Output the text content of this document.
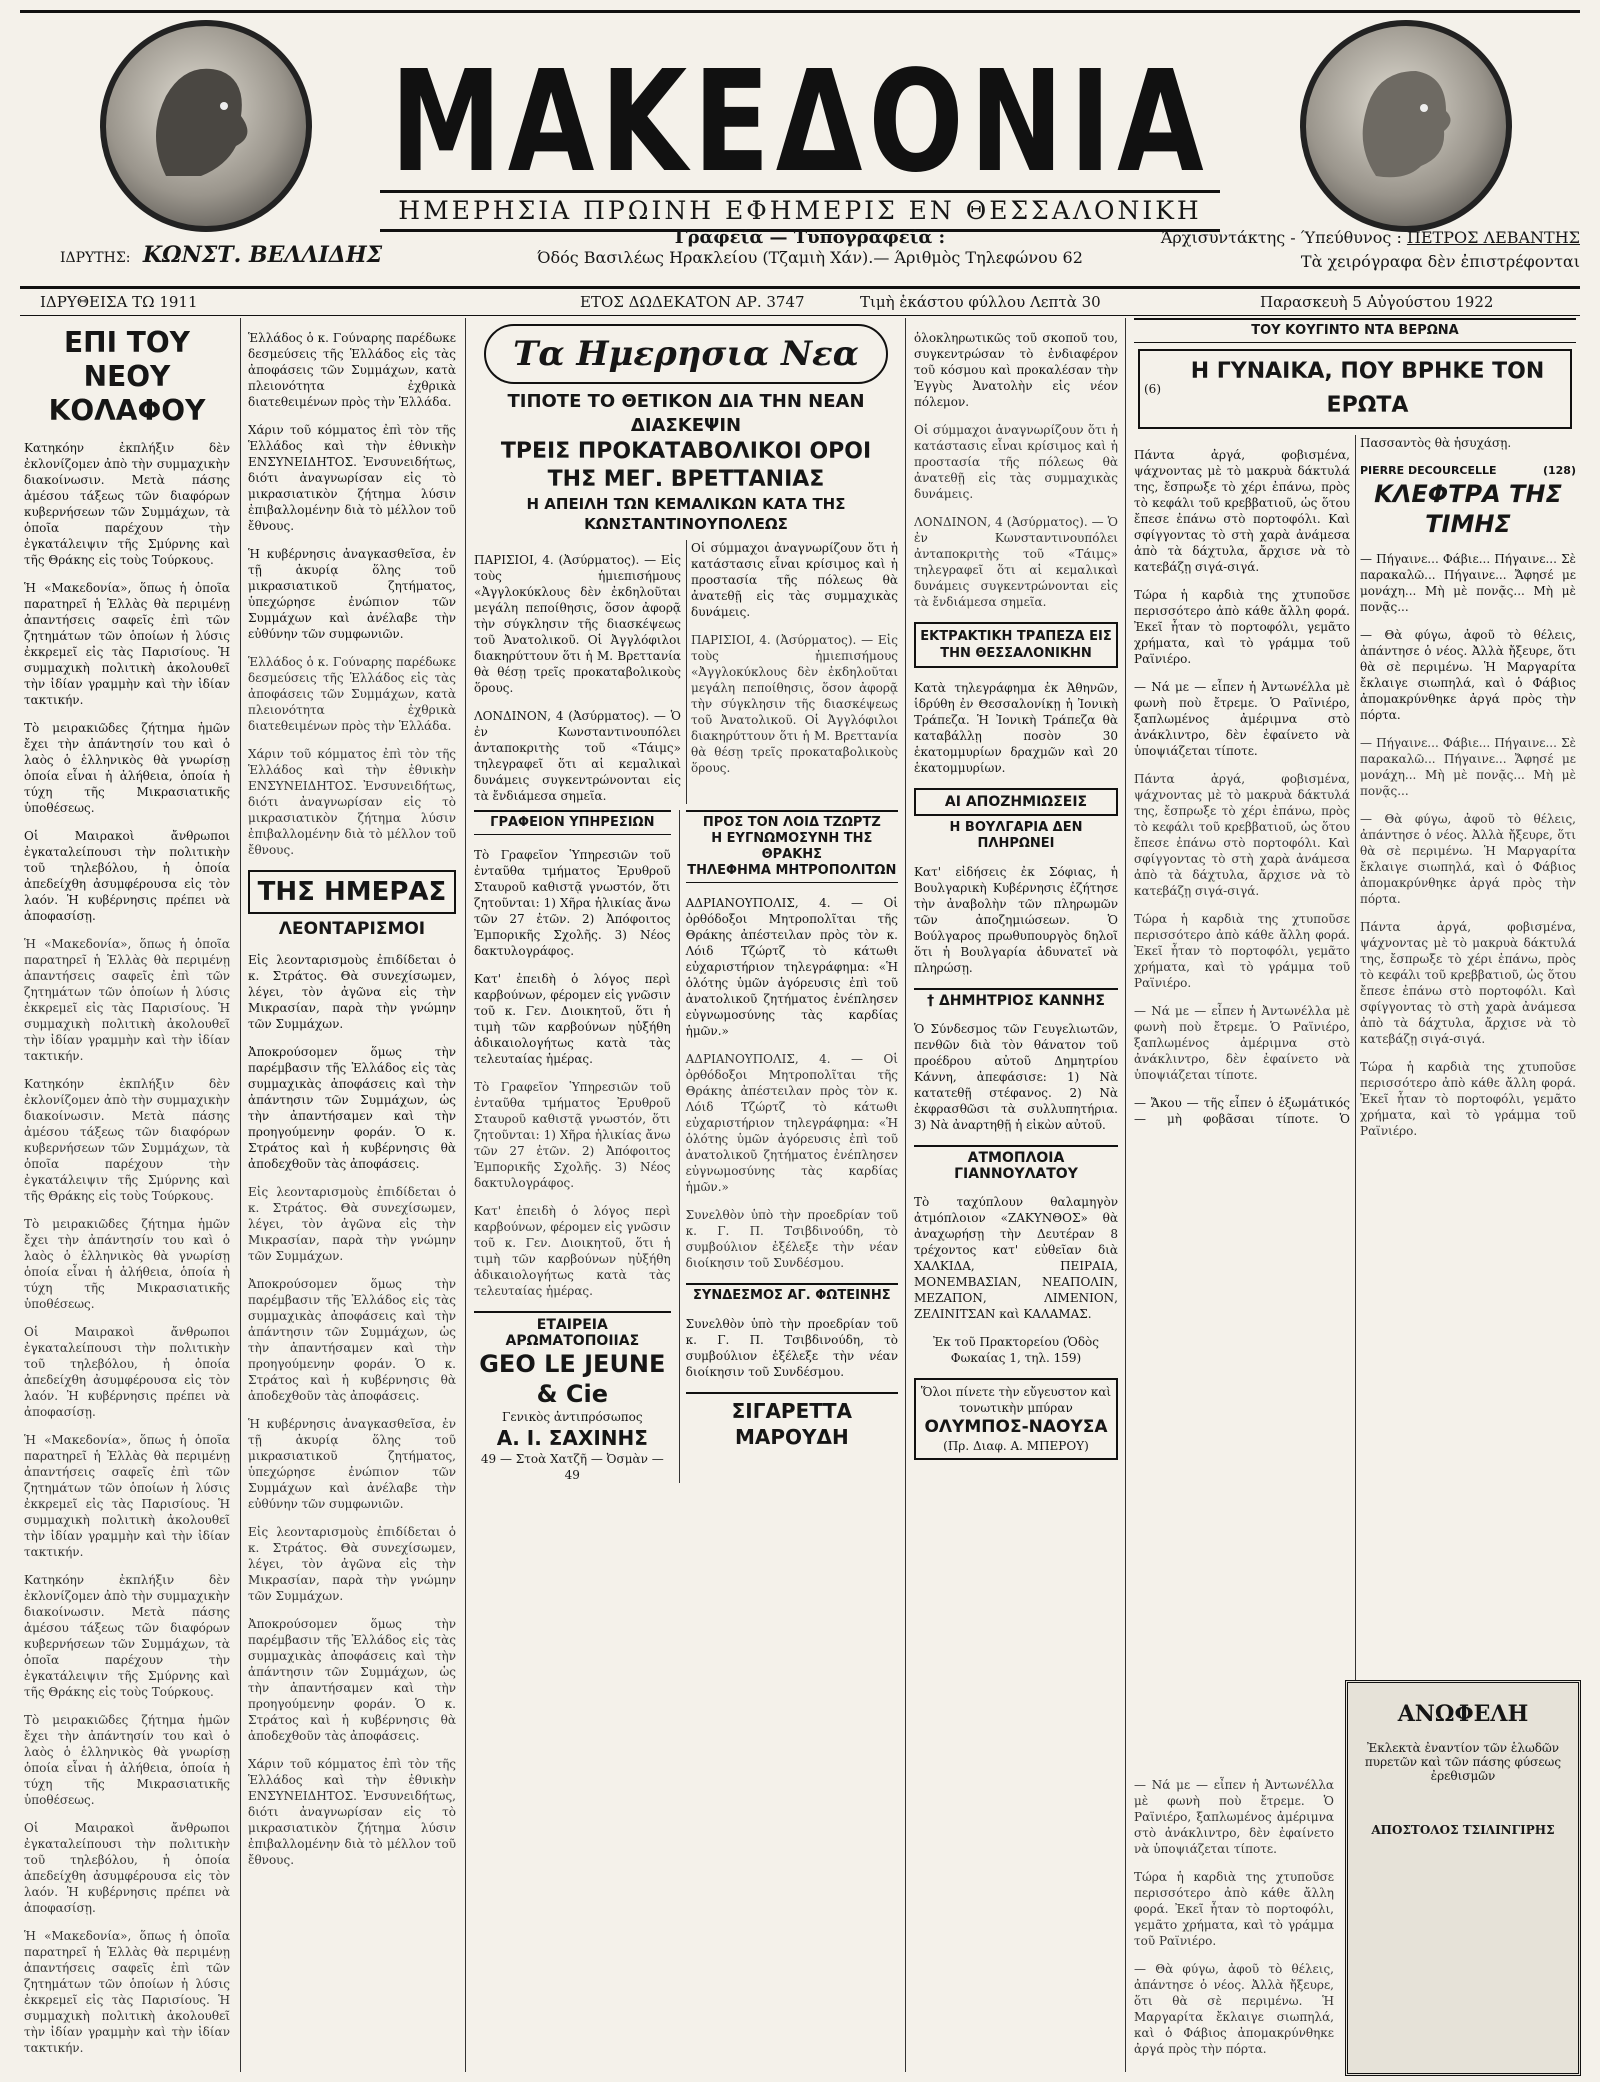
ΜΑΚΕΔΟΝΙΑ
ΗΜΕΡΗΣΙΑ ΠΡΩΙΝΗ ΕΦΗΜΕΡΙΣ ΕΝ ΘΕΣΣΑΛΟΝΙΚΗ
ΙΔΡΥΤΗΣ: ΚΩΝΣΤ. ΒΕΛΛΙΔΗΣ
Γραφεία — Τυπογραφεία :
Όδός Βασιλέως Ηρακλείου (Τζαμιὴ Χάν).— Άριθμὸς Τηλεφώνου 62
Άρχισυντάκτης - Ύπεύθυνος : ΠΕΤΡΟΣ ΛΕΒΑΝΤΗΣ
Τὰ χειρόγραφα δὲν ἐπιστρέφονται
ΙΔΡΥΘΕΙΣΑ ΤΩ 1911	ΕΤΟΣ ΔΩΔΕΚΑΤΟΝ ΑΡ. 3747	Τιμὴ ἑκάστου φύλλου Λεπτὰ 30	Παρασκευὴ 5 Αὐγούστου 1922
ΕΠΙ ΤΟΥ ΝΕΟΥ ΚΟΛΑΦΟΥ

Κατηκόην ἐκπλήξιν δὲν ἐκλονίζομεν ἀπὸ τὴν συμμαχικὴν διακοίνωσιν. Μετὰ πάσης ἀμέσου τάξεως τῶν διαφόρων κυβερνήσεων τῶν Συμμάχων, τὰ ὁποῖα παρέχουν τὴν ἐγκατάλειψιν τῆς Σμύρνης καὶ τῆς Θράκης εἰς τοὺς Τούρκους.

Ἡ «Μακεδονία», ὅπως ἡ ὁποῖα παρατηρεῖ ἡ Ἑλλὰς θὰ περιμένῃ ἀπαντήσεις σαφεῖς ἐπὶ τῶν ζητημάτων τῶν ὁποίων ἡ λύσις ἐκκρεμεῖ εἰς τὰς Παρισίους. Ἡ συμμαχικὴ πολιτικὴ ἀκολουθεῖ τὴν ἰδίαν γραμμὴν καὶ τὴν ἰδίαν τακτικήν.

Τὸ μειρακιῶδες ζήτημα ἡμῶν ἔχει τὴν ἀπάντησίν του καὶ ὁ λαὸς ὁ ἑλληνικὸς θὰ γνωρίσῃ ὁποία εἶναι ἡ ἀλήθεια, ὁποία ἡ τύχη τῆς Μικρασιατικῆς ὑποθέσεως.

Οἱ Μαιρακοὶ ἄνθρωποι ἐγκαταλείπουσι τὴν πολιτικὴν τοῦ τηλεβόλου, ἡ ὁποία ἀπεδείχθη ἀσυμφέρουσα εἰς τὸν λαόν. Ἡ κυβέρνησις πρέπει νὰ ἀποφασίσῃ.

Ἡ «Μακεδονία», ὅπως ἡ ὁποῖα παρατηρεῖ ἡ Ἑλλὰς θὰ περιμένῃ ἀπαντήσεις σαφεῖς ἐπὶ τῶν ζητημάτων τῶν ὁποίων ἡ λύσις ἐκκρεμεῖ εἰς τὰς Παρισίους. Ἡ συμμαχικὴ πολιτικὴ ἀκολουθεῖ τὴν ἰδίαν γραμμὴν καὶ τὴν ἰδίαν τακτικήν.

Κατηκόην ἐκπλήξιν δὲν ἐκλονίζομεν ἀπὸ τὴν συμμαχικὴν διακοίνωσιν. Μετὰ πάσης ἀμέσου τάξεως τῶν διαφόρων κυβερνήσεων τῶν Συμμάχων, τὰ ὁποῖα παρέχουν τὴν ἐγκατάλειψιν τῆς Σμύρνης καὶ τῆς Θράκης εἰς τοὺς Τούρκους.

Τὸ μειρακιῶδες ζήτημα ἡμῶν ἔχει τὴν ἀπάντησίν του καὶ ὁ λαὸς ὁ ἑλληνικὸς θὰ γνωρίσῃ ὁποία εἶναι ἡ ἀλήθεια, ὁποία ἡ τύχη τῆς Μικρασιατικῆς ὑποθέσεως.

Οἱ Μαιρακοὶ ἄνθρωποι ἐγκαταλείπουσι τὴν πολιτικὴν τοῦ τηλεβόλου, ἡ ὁποία ἀπεδείχθη ἀσυμφέρουσα εἰς τὸν λαόν. Ἡ κυβέρνησις πρέπει νὰ ἀποφασίσῃ.

Ἡ «Μακεδονία», ὅπως ἡ ὁποῖα παρατηρεῖ ἡ Ἑλλὰς θὰ περιμένῃ ἀπαντήσεις σαφεῖς ἐπὶ τῶν ζητημάτων τῶν ὁποίων ἡ λύσις ἐκκρεμεῖ εἰς τὰς Παρισίους. Ἡ συμμαχικὴ πολιτικὴ ἀκολουθεῖ τὴν ἰδίαν γραμμὴν καὶ τὴν ἰδίαν τακτικήν.

Κατηκόην ἐκπλήξιν δὲν ἐκλονίζομεν ἀπὸ τὴν συμμαχικὴν διακοίνωσιν. Μετὰ πάσης ἀμέσου τάξεως τῶν διαφόρων κυβερνήσεων τῶν Συμμάχων, τὰ ὁποῖα παρέχουν τὴν ἐγκατάλειψιν τῆς Σμύρνης καὶ τῆς Θράκης εἰς τοὺς Τούρκους.

Τὸ μειρακιῶδες ζήτημα ἡμῶν ἔχει τὴν ἀπάντησίν του καὶ ὁ λαὸς ὁ ἑλληνικὸς θὰ γνωρίσῃ ὁποία εἶναι ἡ ἀλήθεια, ὁποία ἡ τύχη τῆς Μικρασιατικῆς ὑποθέσεως.

Οἱ Μαιρακοὶ ἄνθρωποι ἐγκαταλείπουσι τὴν πολιτικὴν τοῦ τηλεβόλου, ἡ ὁποία ἀπεδείχθη ἀσυμφέρουσα εἰς τὸν λαόν. Ἡ κυβέρνησις πρέπει νὰ ἀποφασίσῃ.

Ἡ «Μακεδονία», ὅπως ἡ ὁποῖα παρατηρεῖ ἡ Ἑλλὰς θὰ περιμένῃ ἀπαντήσεις σαφεῖς ἐπὶ τῶν ζητημάτων τῶν ὁποίων ἡ λύσις ἐκκρεμεῖ εἰς τὰς Παρισίους. Ἡ συμμαχικὴ πολιτικὴ ἀκολουθεῖ τὴν ἰδίαν γραμμὴν καὶ τὴν ἰδίαν τακτικήν.

Ἑλλάδος ὁ κ. Γούναρης παρέδωκε δεσμεύσεις τῆς Ἑλλάδος εἰς τὰς ἀποφάσεις τῶν Συμμάχων, κατὰ πλειονότητα ἐχθρικὰ διατεθειμένων πρὸς τὴν Ἑλλάδα.

Χάριν τοῦ κόμματος ἐπὶ τὸν τῆς Ἑλλάδος καὶ τὴν ἐθνικὴν ΕΝΣΥΝΕΙΔΗΤΟΣ. Ἐνσυνειδήτως, διότι ἀναγνωρίσαν εἰς τὸ μικρασιατικὸν ζήτημα λύσιν ἐπιβαλλομένην διὰ τὸ μέλλον τοῦ ἔθνους.

Ἡ κυβέρνησις ἀναγκασθεῖσα, ἐν τῇ ἀκυρίᾳ ὅλης τοῦ μικρασιατικοῦ ζητήματος, ὑπεχώρησε ἐνώπιον τῶν Συμμάχων καὶ ἀνέλαβε τὴν εὐθύνην τῶν συμφωνιῶν.

Ἑλλάδος ὁ κ. Γούναρης παρέδωκε δεσμεύσεις τῆς Ἑλλάδος εἰς τὰς ἀποφάσεις τῶν Συμμάχων, κατὰ πλειονότητα ἐχθρικὰ διατεθειμένων πρὸς τὴν Ἑλλάδα.

Χάριν τοῦ κόμματος ἐπὶ τὸν τῆς Ἑλλάδος καὶ τὴν ἐθνικὴν ΕΝΣΥΝΕΙΔΗΤΟΣ. Ἐνσυνειδήτως, διότι ἀναγνωρίσαν εἰς τὸ μικρασιατικὸν ζήτημα λύσιν ἐπιβαλλομένην διὰ τὸ μέλλον τοῦ ἔθνους.

ΤΗΣ ΗΜΕΡΑΣ
ΛΕΟΝΤΑΡΙΣΜΟΙ

Εἰς λεονταρισμοὺς ἐπιδίδεται ὁ κ. Στράτος. Θὰ συνεχίσωμεν, λέγει, τὸν ἀγῶνα εἰς τὴν Μικρασίαν, παρὰ τὴν γνώμην τῶν Συμμάχων.

Ἀποκρούσομεν ὅμως τὴν παρέμβασιν τῆς Ἑλλάδος εἰς τὰς συμμαχικὰς ἀποφάσεις καὶ τὴν ἀπάντησιν τῶν Συμμάχων, ὡς τὴν ἀπαντήσαμεν καὶ τὴν προηγούμενην φοράν. Ὁ κ. Στράτος καὶ ἡ κυβέρνησις θὰ ἀποδεχθοῦν τὰς ἀποφάσεις.

Εἰς λεονταρισμοὺς ἐπιδίδεται ὁ κ. Στράτος. Θὰ συνεχίσωμεν, λέγει, τὸν ἀγῶνα εἰς τὴν Μικρασίαν, παρὰ τὴν γνώμην τῶν Συμμάχων.

Ἀποκρούσομεν ὅμως τὴν παρέμβασιν τῆς Ἑλλάδος εἰς τὰς συμμαχικὰς ἀποφάσεις καὶ τὴν ἀπάντησιν τῶν Συμμάχων, ὡς τὴν ἀπαντήσαμεν καὶ τὴν προηγούμενην φοράν. Ὁ κ. Στράτος καὶ ἡ κυβέρνησις θὰ ἀποδεχθοῦν τὰς ἀποφάσεις.

Ἡ κυβέρνησις ἀναγκασθεῖσα, ἐν τῇ ἀκυρίᾳ ὅλης τοῦ μικρασιατικοῦ ζητήματος, ὑπεχώρησε ἐνώπιον τῶν Συμμάχων καὶ ἀνέλαβε τὴν εὐθύνην τῶν συμφωνιῶν.

Εἰς λεονταρισμοὺς ἐπιδίδεται ὁ κ. Στράτος. Θὰ συνεχίσωμεν, λέγει, τὸν ἀγῶνα εἰς τὴν Μικρασίαν, παρὰ τὴν γνώμην τῶν Συμμάχων.

Ἀποκρούσομεν ὅμως τὴν παρέμβασιν τῆς Ἑλλάδος εἰς τὰς συμμαχικὰς ἀποφάσεις καὶ τὴν ἀπάντησιν τῶν Συμμάχων, ὡς τὴν ἀπαντήσαμεν καὶ τὴν προηγούμενην φοράν. Ὁ κ. Στράτος καὶ ἡ κυβέρνησις θὰ ἀποδεχθοῦν τὰς ἀποφάσεις.

Χάριν τοῦ κόμματος ἐπὶ τὸν τῆς Ἑλλάδος καὶ τὴν ἐθνικὴν ΕΝΣΥΝΕΙΔΗΤΟΣ. Ἐνσυνειδήτως, διότι ἀναγνωρίσαν εἰς τὸ μικρασιατικὸν ζήτημα λύσιν ἐπιβαλλομένην διὰ τὸ μέλλον τοῦ ἔθνους.

Τα Ημερησια Νεα
ΤΙΠΟΤΕ ΤΟ ΘΕΤΙΚΟΝ ΔΙΑ ΤΗΝ ΝΕΑΝ ΔΙΑΣΚΕΨΙΝ
ΤΡΕΙΣ ΠΡΟΚΑΤΑΒΟΛΙΚΟΙ ΟΡΟΙ ΤΗΣ ΜΕΓ. ΒΡΕΤΤΑΝΙΑΣ
Η ΑΠΕΙΛΗ ΤΩΝ ΚΕΜΑΛΙΚΩΝ ΚΑΤΑ ΤΗΣ ΚΩΝΣΤΑΝΤΙΝΟΥΠΟΛΕΩΣ

ΠΑΡΙΣΙΟΙ, 4. (Ἀσύρματος). — Εἰς τοὺς ἡμιεπισήμους «Ἀγγλοκύκλους δὲν ἐκδηλοῦται μεγάλη πεποίθησις, ὅσον ἀφορᾷ τὴν σύγκλησιν τῆς διασκέψεως τοῦ Ἀνατολικοῦ. Οἱ Ἀγγλόφιλοι διακηρύττουν ὅτι ἡ Μ. Βρεττανία θὰ θέσῃ τρεῖς προκαταβολικοὺς ὅρους.

ΛΟΝΔΙΝΟΝ, 4 (Ἀσύρματος). — Ὁ ἐν Κωνσταντινουπόλει ἀνταποκριτὴς τοῦ «Τάιμς» τηλεγραφεῖ ὅτι αἱ κεμαλικαὶ δυνάμεις συγκεντρώνονται εἰς τὰ ἔνδιάμεσα σημεῖα.

Οἱ σύμμαχοι ἀναγνωρίζουν ὅτι ἡ κατάστασις εἶναι κρίσιμος καὶ ἡ προστασία τῆς πόλεως θὰ ἀνατεθῇ εἰς τὰς συμμαχικὰς δυνάμεις.

ΠΑΡΙΣΙΟΙ, 4. (Ἀσύρματος). — Εἰς τοὺς ἡμιεπισήμους «Ἀγγλοκύκλους δὲν ἐκδηλοῦται μεγάλη πεποίθησις, ὅσον ἀφορᾷ τὴν σύγκλησιν τῆς διασκέψεως τοῦ Ἀνατολικοῦ. Οἱ Ἀγγλόφιλοι διακηρύττουν ὅτι ἡ Μ. Βρεττανία θὰ θέσῃ τρεῖς προκαταβολικοὺς ὅρους.

ΓΡΑΦΕΙΟΝ ΥΠΗΡΕΣΙΩΝ

Τὸ Γραφεῖον Ὑπηρεσιῶν τοῦ ἐνταῦθα τμήματος Ἐρυθροῦ Σταυροῦ καθιστᾷ γνωστόν, ὅτι ζητοῦνται: 1) Χῆρα ἡλικίας ἄνω τῶν 27 ἐτῶν. 2) Ἀπόφοιτος Ἐμπορικῆς Σχολῆς. 3) Νέος δακτυλογράφος.

Κατ' ἐπειδὴ ὁ λόγος περὶ καρβούνων, φέρομεν εἰς γνῶσιν τοῦ κ. Γεν. Διοικητοῦ, ὅτι ἡ τιμὴ τῶν καρβούνων ηὐξήθη ἀδικαιολογήτως κατὰ τὰς τελευταίας ἡμέρας.

Τὸ Γραφεῖον Ὑπηρεσιῶν τοῦ ἐνταῦθα τμήματος Ἐρυθροῦ Σταυροῦ καθιστᾷ γνωστόν, ὅτι ζητοῦνται: 1) Χῆρα ἡλικίας ἄνω τῶν 27 ἐτῶν. 2) Ἀπόφοιτος Ἐμπορικῆς Σχολῆς. 3) Νέος δακτυλογράφος.

Κατ' ἐπειδὴ ὁ λόγος περὶ καρβούνων, φέρομεν εἰς γνῶσιν τοῦ κ. Γεν. Διοικητοῦ, ὅτι ἡ τιμὴ τῶν καρβούνων ηὐξήθη ἀδικαιολογήτως κατὰ τὰς τελευταίας ἡμέρας.

ΕΤΑΙΡΕΙΑ ΑΡΩΜΑΤΟΠΟΙΙΑΣ
GEO LE JEUNE & Cie
Γενικὸς ἀντιπρόσωπος
Α. Ι. ΣΑΧΙΝΗΣ
49 — Στοὰ Χατζῆ — Ὀσμὰν — 49
ΠΡΟΣ ΤΟΝ ΛΟΙΔ ΤΖΩΡΤΖ
Η ΕΥΓΝΩΜΟΣΥΝΗ ΤΗΣ ΘΡΑΚΗΣ
ΤΗΛΕΦΗΜΑ ΜΗΤΡΟΠΟΛΙΤΩΝ

ΑΔΡΙΑΝΟΥΠΟΛΙΣ, 4. — Οἱ ὀρθόδοξοι Μητροπολῖται τῆς Θράκης ἀπέστειλαν πρὸς τὸν κ. Λόιδ Τζώρτζ τὸ κάτωθι εὐχαριστήριον τηλεγράφημα: «Ἡ ὁλότης ὑμῶν ἀγόρευσις ἐπὶ τοῦ ἀνατολικοῦ ζητήματος ἐνέπλησεν εὐγνωμοσύνης τὰς καρδίας ἡμῶν.»

ΑΔΡΙΑΝΟΥΠΟΛΙΣ, 4. — Οἱ ὀρθόδοξοι Μητροπολῖται τῆς Θράκης ἀπέστειλαν πρὸς τὸν κ. Λόιδ Τζώρτζ τὸ κάτωθι εὐχαριστήριον τηλεγράφημα: «Ἡ ὁλότης ὑμῶν ἀγόρευσις ἐπὶ τοῦ ἀνατολικοῦ ζητήματος ἐνέπλησεν εὐγνωμοσύνης τὰς καρδίας ἡμῶν.»

Συνελθὸν ὑπὸ τὴν προεδρίαν τοῦ κ. Γ. Π. Τσιβδινούδη, τὸ συμβούλιον ἐξέλεξε τὴν νέαν διοίκησιν τοῦ Συνδέσμου.

ΣΥΝΔΕΣΜΟΣ ΑΓ. ΦΩΤΕΙΝΗΣ

Συνελθὸν ὑπὸ τὴν προεδρίαν τοῦ κ. Γ. Π. Τσιβδινούδη, τὸ συμβούλιον ἐξέλεξε τὴν νέαν διοίκησιν τοῦ Συνδέσμου.

ΣΙΓΑΡΕΤΤΑ ΜΑΡΟΥΔΗ

ὁλοκληρωτικῶς τοῦ σκοποῦ του, συγκεντρώσαν τὸ ἐνδιαφέρον τοῦ κόσμου καὶ προκαλέσαν τὴν Ἐγγὺς Ἀνατολὴν εἰς νέον πόλεμον.

Οἱ σύμμαχοι ἀναγνωρίζουν ὅτι ἡ κατάστασις εἶναι κρίσιμος καὶ ἡ προστασία τῆς πόλεως θὰ ἀνατεθῇ εἰς τὰς συμμαχικὰς δυνάμεις.

ΛΟΝΔΙΝΟΝ, 4 (Ἀσύρματος). — Ὁ ἐν Κωνσταντινουπόλει ἀνταποκριτὴς τοῦ «Τάιμς» τηλεγραφεῖ ὅτι αἱ κεμαλικαὶ δυνάμεις συγκεντρώνονται εἰς τὰ ἔνδιάμεσα σημεῖα.

ΕΚΤΡΑΚΤΙΚΗ ΤΡΑΠΕΖΑ ΕΙΣ ΤΗΝ ΘΕΣΣΑΛΟΝΙΚΗΝ

Κατὰ τηλεγράφημα ἐκ Ἀθηνῶν, ἱδρύθη ἐν Θεσσαλονίκῃ ἡ Ἰονικὴ Τράπεζα. Ἡ Ἰονικὴ Τράπεζα θὰ καταβάλλῃ ποσὸν 30 ἑκατομμυρίων δραχμῶν καὶ 20 ἑκατομμυρίων.

ΑΙ ΑΠΟΖΗΜΙΩΣΕΙΣ
Η ΒΟΥΛΓΑΡΙΑ ΔΕΝ ΠΛΗΡΩΝΕΙ

Κατ' εἰδήσεις ἐκ Σόφιας, ἡ Βουλγαρικὴ Κυβέρνησις ἐζήτησε τὴν ἀναβολὴν τῶν πληρωμῶν τῶν ἀποζημιώσεων. Ὁ Βούλγαρος πρωθυπουργὸς δηλοῖ ὅτι ἡ Βουλγαρία ἀδυνατεῖ νὰ πληρώσῃ.

† ΔΗΜΗΤΡΙΟΣ ΚΑΝΝΗΣ

Ὁ Σύνδεσμος τῶν Γευγελιωτῶν, πενθῶν διὰ τὸν θάνατον τοῦ προέδρου αὐτοῦ Δημητρίου Κάννη, ἀπεφάσισε: 1) Νὰ κατατεθῇ στέφανος. 2) Νὰ ἐκφρασθῶσι τὰ συλλυπητήρια. 3) Νὰ ἀναρτηθῇ ἡ εἰκὼν αὐτοῦ.

ΑΤΜΟΠΛΟΙΑ ΓΙΑΝΝΟΥΛΑΤΟΥ

Τὸ ταχύπλουν θαλαμηγὸν ἀτμόπλοιον «ΖΑΚΥΝΘΟΣ» θὰ ἀναχωρήσῃ τὴν Δευτέραν 8 τρέχοντος κατ' εὐθεῖαν διὰ ΧΑΛΚΙΔΑ, ΠΕΙΡΑΙΑ, ΜΟΝΕΜΒΑΣΙΑΝ, ΝΕΑΠΟΛΙΝ, ΜΕΖΑΠΟΝ, ΛΙΜΕΝΙΟΝ, ΖΕΛΙΝΙΤΣΑΝ καὶ ΚΑΛΑΜΑΣ.

Ἐκ τοῦ Πρακτορείου (Ὁδὸς Φωκαίας 1, τηλ. 159)

Ὅλοι πίνετε τὴν εὔγευστον καὶ τονωτικὴν μπύραν
ΟΛΥΜΠΟΣ-ΝΑΟΥΣΑ
(Πρ. Διαφ. Α. ΜΠΕΡΟΥ)
ΤΟΥ ΚΟΥΓΙΝΤΟ ΝΤΑ ΒΕΡΩΝΑ
(6)
Η ΓΥΝΑΙΚΑ, ΠΟΥ ΒΡΗΚΕ ΤΟΝ ΕΡΩΤΑ

Πάντα ἀργά, φοβισμένα, ψάχνοντας μὲ τὸ μακρυὰ δάκτυλά της, ἔσπρωξε τὸ χέρι ἐπάνω, πρὸς τὸ κεφάλι τοῦ κρεββατιοῦ, ὡς ὅτου ἔπεσε ἐπάνω στὸ πορτοφόλι. Καὶ σφίγγοντας τὸ στὴ χαρὰ ἀνάμεσα ἀπὸ τὰ δάχτυλα, ἄρχισε νὰ τὸ κατεβάζῃ σιγά-σιγά.

Τώρα ἡ καρδιὰ της χτυποῦσε περισσότερο ἀπὸ κάθε ἄλλη φορά. Ἐκεῖ ἦταν τὸ πορτοφόλι, γεμᾶτο χρήματα, καὶ τὸ γράμμα τοῦ Ραϊνιέρο.

— Νά με — εἶπεν ἡ Ἀντωνέλλα μὲ φωνὴ ποὺ ἔτρεμε. Ὁ Ραϊνιέρο, ξαπλωμένος ἀμέριμνα στὸ ἀνάκλιντρο, δὲν ἐφαίνετο νὰ ὑποψιάζεται τίποτε.

Πάντα ἀργά, φοβισμένα, ψάχνοντας μὲ τὸ μακρυὰ δάκτυλά της, ἔσπρωξε τὸ χέρι ἐπάνω, πρὸς τὸ κεφάλι τοῦ κρεββατιοῦ, ὡς ὅτου ἔπεσε ἐπάνω στὸ πορτοφόλι. Καὶ σφίγγοντας τὸ στὴ χαρὰ ἀνάμεσα ἀπὸ τὰ δάχτυλα, ἄρχισε νὰ τὸ κατεβάζῃ σιγά-σιγά.

Τώρα ἡ καρδιὰ της χτυποῦσε περισσότερο ἀπὸ κάθε ἄλλη φορά. Ἐκεῖ ἦταν τὸ πορτοφόλι, γεμᾶτο χρήματα, καὶ τὸ γράμμα τοῦ Ραϊνιέρο.

— Νά με — εἶπεν ἡ Ἀντωνέλλα μὲ φωνὴ ποὺ ἔτρεμε. Ὁ Ραϊνιέρο, ξαπλωμένος ἀμέριμνα στὸ ἀνάκλιντρο, δὲν ἐφαίνετο νὰ ὑποψιάζεται τίποτε.

— Ἄκου — τῆς εἶπεν ὁ ἑξωμάτικός — μὴ φοβᾶσαι τίποτε. Ὁ Πασσαντὸς θὰ ἡσυχάσῃ.

PIERRE DECOURCELLE	(128)
ΚΛΕΦΤΡΑ ΤΗΣ ΤΙΜΗΣ

— Πήγαινε... Φάβιε... Πήγαινε... Σὲ παρακαλῶ... Πήγαινε... Ἄφησέ με μονάχη... Μὴ μὲ πονᾷς... Μὴ μὲ πονᾷς...

— Θὰ φύγω, ἀφοῦ τὸ θέλεις, ἀπάντησε ὁ νέος. Ἀλλὰ ἤξευρε, ὅτι θὰ σὲ περιμένω. Ἡ Μαργαρίτα ἔκλαιγε σιωπηλά, καὶ ὁ Φάβιος ἀπομακρύνθηκε ἀργά πρὸς τὴν πόρτα.

— Πήγαινε... Φάβιε... Πήγαινε... Σὲ παρακαλῶ... Πήγαινε... Ἄφησέ με μονάχη... Μὴ μὲ πονᾷς... Μὴ μὲ πονᾷς...

— Θὰ φύγω, ἀφοῦ τὸ θέλεις, ἀπάντησε ὁ νέος. Ἀλλὰ ἤξευρε, ὅτι θὰ σὲ περιμένω. Ἡ Μαργαρίτα ἔκλαιγε σιωπηλά, καὶ ὁ Φάβιος ἀπομακρύνθηκε ἀργά πρὸς τὴν πόρτα.

Πάντα ἀργά, φοβισμένα, ψάχνοντας μὲ τὸ μακρυὰ δάκτυλά της, ἔσπρωξε τὸ χέρι ἐπάνω, πρὸς τὸ κεφάλι τοῦ κρεββατιοῦ, ὡς ὅτου ἔπεσε ἐπάνω στὸ πορτοφόλι. Καὶ σφίγγοντας τὸ στὴ χαρὰ ἀνάμεσα ἀπὸ τὰ δάχτυλα, ἄρχισε νὰ τὸ κατεβάζῃ σιγά-σιγά.

Τώρα ἡ καρδιὰ της χτυποῦσε περισσότερο ἀπὸ κάθε ἄλλη φορά. Ἐκεῖ ἦταν τὸ πορτοφόλι, γεμᾶτο χρήματα, καὶ τὸ γράμμα τοῦ Ραϊνιέρο.

— Νά με — εἶπεν ἡ Ἀντωνέλλα μὲ φωνὴ ποὺ ἔτρεμε. Ὁ Ραϊνιέρο, ξαπλωμένος ἀμέριμνα στὸ ἀνάκλιντρο, δὲν ἐφαίνετο νὰ ὑποψιάζεται τίποτε.

Τώρα ἡ καρδιὰ της χτυποῦσε περισσότερο ἀπὸ κάθε ἄλλη φορά. Ἐκεῖ ἦταν τὸ πορτοφόλι, γεμᾶτο χρήματα, καὶ τὸ γράμμα τοῦ Ραϊνιέρο.

— Θὰ φύγω, ἀφοῦ τὸ θέλεις, ἀπάντησε ὁ νέος. Ἀλλὰ ἤξευρε, ὅτι θὰ σὲ περιμένω. Ἡ Μαργαρίτα ἔκλαιγε σιωπηλά, καὶ ὁ Φάβιος ἀπομακρύνθηκε ἀργά πρὸς τὴν πόρτα.

ΑΝΩΦΕΛΗ
Ἐκλεκτὰ ἐναντίον τῶν ἑλωδῶν πυρετῶν καὶ τῶν πάσης φύσεως ἐρεθισμῶν
ΑΠΟΣΤΟΛΟΣ ΤΣΙΛΙΝΓΙΡΗΣ
